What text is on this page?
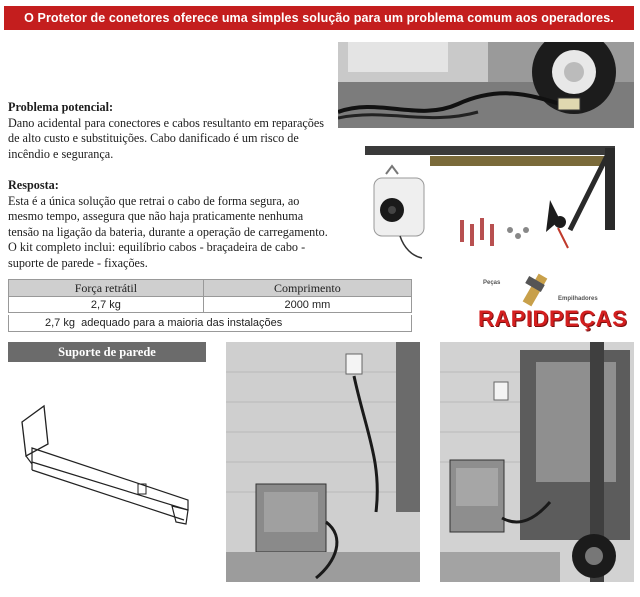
O Protetor de conetores oferece uma simples solução para um problema comum aos operadores.
Problema potencial:
Dano acidental para conectores e cabos resultanto em reparações
de alto custo e substituições. Cabo danificado é um risco de
incêndio e segurança.
Resposta:
Esta é a única solução que retrai o cabo de forma segura, ao
mesmo tempo, assegura que não haja praticamente nenhuma
tensão na ligação da bateria, durante a operação de carregamento.
O kit completo inclui: equilíbrio cabos - braçadeira de cabo -
suporte de parede - fixações.
Força retrátil	Comprimento
2,7 kg	2000 mm
2,7 kg adequado para a maioria das instalações
Peças
Empilhadores
RAPIDPEÇAS
Suporte de parede
